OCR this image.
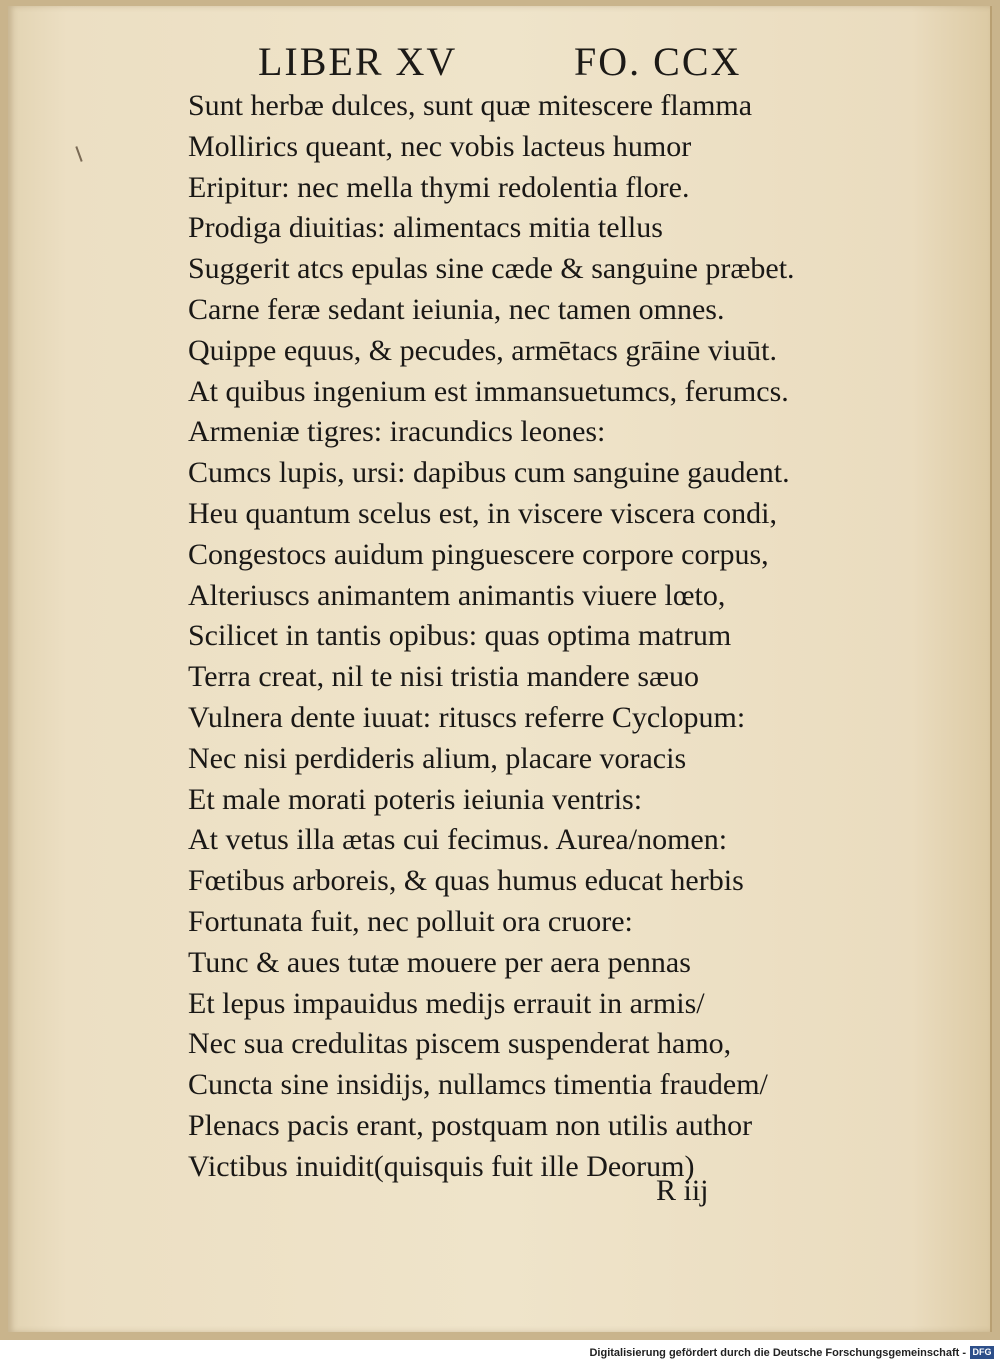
LIBER XV	FO. CCX
Sunt herbæ dulces, sunt quæ mitescere flamma
Mollirics queant, nec vobis lacteus humor
Eripitur: nec mella thymi redolentia flore.
Prodiga diuitias: alimentacs mitia tellus
Suggerit atcs epulas sine cæde & sanguine præbet.
Carne feræ sedant ieiunia, nec tamen omnes.
Quippe equus, & pecudes, armētacs grāine viuūt.
At quibus ingenium est immansuetumcs, ferumcs.
Armeniæ tigres: iracundics leones:
Cumcs lupis, ursi: dapibus cum sanguine gaudent.
Heu quantum scelus est, in viscere viscera condi,
Congestocs auidum pinguescere corpore corpus,
Alteriuscs animantem animantis viuere lœto,
Scilicet in tantis opibus: quas optima matrum
Terra creat, nil te nisi tristia mandere sæuo
Vulnera dente iuuat: rituscs referre Cyclopum:
Nec nisi perdideris alium, placare voracis
Et male morati poteris ieiunia ventris:
At vetus illa ætas cui fecimus. Aurea/nomen:
Fœtibus arboreis, & quas humus educat herbis
Fortunata fuit, nec polluit ora cruore:
Tunc & aues tutæ mouere per aera pennas
Et lepus impauidus medijs errauit in armis/
Nec sua credulitas piscem suspenderat hamo,
Cuncta sine insidijs, nullamcs timentia fraudem/
Plenacs pacis erant, postquam non utilis author
Victibus inuidit(quisquis fuit ille Deorum)
R iij
Digitalisierung gefördert durch die Deutsche Forschungsgemeinschaft - DFG
